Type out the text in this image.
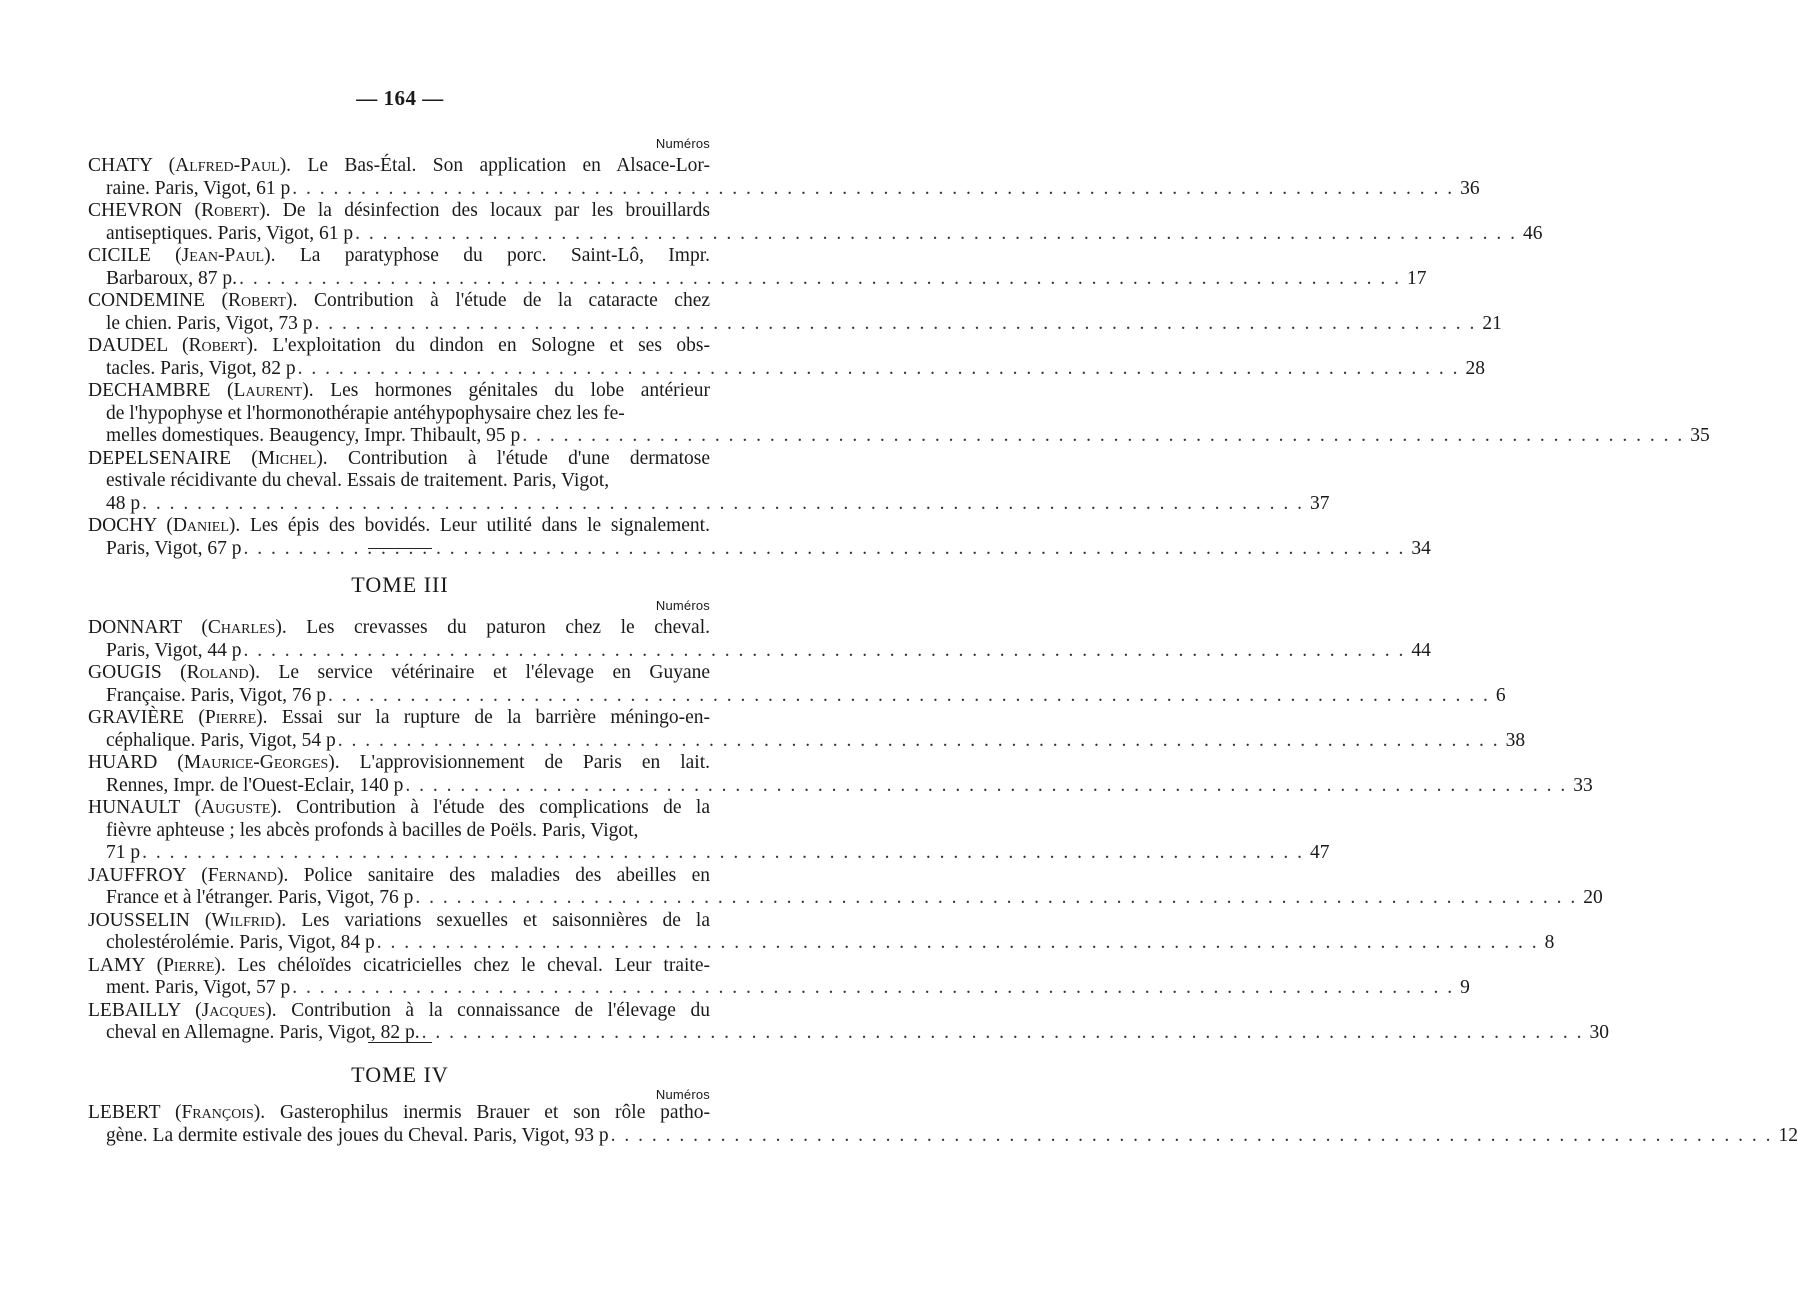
— 164 —
Numéros
CHATY (Alfred-Paul). Le Bas-Étal. Son application en Alsace-Lor-
raine. Paris, Vigot, 61 p . . . . . . . . . . . . . . . . . . . . . . . . . . . . . . . . . . . . . . . . . . . . . . . . . . . . . . . . . . . . . . . . . . . . . . . . . . . . . . . . . . . . . 36
CHEVRON (Robert). De la désinfection des locaux par les brouillards
antiseptiques. Paris, Vigot, 61 p . . . . . . . . . . . . . . . . . . . . . . . . . . . . . . . . . . . . . . . . . . . . . . . . . . . . . . . . . . . . . . . . . . . . . . . . . . . . . . . . . . . . . 46
CICILE (Jean-Paul). La paratyphose du porc. Saint-Lô, Impr.
Barbaroux, 87 p. . . . . . . . . . . . . . . . . . . . . . . . . . . . . . . . . . . . . . . . . . . . . . . . . . . . . . . . . . . . . . . . . . . . . . . . . . . . . . . . . . . . . . 17
CONDEMINE (Robert). Contribution à l'étude de la cataracte chez
le chien. Paris, Vigot, 73 p . . . . . . . . . . . . . . . . . . . . . . . . . . . . . . . . . . . . . . . . . . . . . . . . . . . . . . . . . . . . . . . . . . . . . . . . . . . . . . . . . . . . . 21
DAUDEL (Robert). L'exploitation du dindon en Sologne et ses obs-
tacles. Paris, Vigot, 82 p . . . . . . . . . . . . . . . . . . . . . . . . . . . . . . . . . . . . . . . . . . . . . . . . . . . . . . . . . . . . . . . . . . . . . . . . . . . . . . . . . . . . . 28
DECHAMBRE (Laurent). Les hormones génitales du lobe antérieur
de l'hypophyse et l'hormonothérapie antéhypophysaire chez les fe-
melles domestiques. Beaugency, Impr. Thibault, 95 p . . . . . . . . . . . . . . . . . . . . . . . . . . . . . . . . . . . . . . . . . . . . . . . . . . . . . . . . . . . . . . . . . . . . . . . . . . . . . . . . . . . . . 35
DEPELSENAIRE (Michel). Contribution à l'étude d'une dermatose
estivale récidivante du cheval. Essais de traitement. Paris, Vigot,
48 p . . . . . . . . . . . . . . . . . . . . . . . . . . . . . . . . . . . . . . . . . . . . . . . . . . . . . . . . . . . . . . . . . . . . . . . . . . . . . . . . . . . . . 37
DOCHY (Daniel). Les épis des bovidés. Leur utilité dans le signalement.
Paris, Vigot, 67 p . . . . . . . . . . . . . . . . . . . . . . . . . . . . . . . . . . . . . . . . . . . . . . . . . . . . . . . . . . . . . . . . . . . . . . . . . . . . . . . . . . . . . 34
TOME III
Numéros
DONNART (Charles). Les crevasses du paturon chez le cheval.
Paris, Vigot, 44 p . . . . . . . . . . . . . . . . . . . . . . . . . . . . . . . . . . . . . . . . . . . . . . . . . . . . . . . . . . . . . . . . . . . . . . . . . . . . . . . . . . . . . 44
GOUGIS (Roland). Le service vétérinaire et l'élevage en Guyane
Française. Paris, Vigot, 76 p . . . . . . . . . . . . . . . . . . . . . . . . . . . . . . . . . . . . . . . . . . . . . . . . . . . . . . . . . . . . . . . . . . . . . . . . . . . . . . . . . . . . . 6
GRAVIÈRE (Pierre). Essai sur la rupture de la barrière méningo-en-
céphalique. Paris, Vigot, 54 p . . . . . . . . . . . . . . . . . . . . . . . . . . . . . . . . . . . . . . . . . . . . . . . . . . . . . . . . . . . . . . . . . . . . . . . . . . . . . . . . . . . . . 38
HUARD (Maurice-Georges). L'approvisionnement de Paris en lait.
Rennes, Impr. de l'Ouest-Eclair, 140 p . . . . . . . . . . . . . . . . . . . . . . . . . . . . . . . . . . . . . . . . . . . . . . . . . . . . . . . . . . . . . . . . . . . . . . . . . . . . . . . . . . . . . 33
HUNAULT (Auguste). Contribution à l'étude des complications de la
fièvre aphteuse ; les abcès profonds à bacilles de Poëls. Paris, Vigot,
71 p . . . . . . . . . . . . . . . . . . . . . . . . . . . . . . . . . . . . . . . . . . . . . . . . . . . . . . . . . . . . . . . . . . . . . . . . . . . . . . . . . . . . . 47
JAUFFROY (Fernand). Police sanitaire des maladies des abeilles en
France et à l'étranger. Paris, Vigot, 76 p . . . . . . . . . . . . . . . . . . . . . . . . . . . . . . . . . . . . . . . . . . . . . . . . . . . . . . . . . . . . . . . . . . . . . . . . . . . . . . . . . . . . . 20
JOUSSELIN (Wilfrid). Les variations sexuelles et saisonnières de la
cholestérolémie. Paris, Vigot, 84 p . . . . . . . . . . . . . . . . . . . . . . . . . . . . . . . . . . . . . . . . . . . . . . . . . . . . . . . . . . . . . . . . . . . . . . . . . . . . . . . . . . . . . 8
LAMY (Pierre). Les chéloïdes cicatricielles chez le cheval. Leur traite-
ment. Paris, Vigot, 57 p . . . . . . . . . . . . . . . . . . . . . . . . . . . . . . . . . . . . . . . . . . . . . . . . . . . . . . . . . . . . . . . . . . . . . . . . . . . . . . . . . . . . . 9
LEBAILLY (Jacques). Contribution à la connaissance de l'élevage du
cheval en Allemagne. Paris, Vigot, 82 p. . . . . . . . . . . . . . . . . . . . . . . . . . . . . . . . . . . . . . . . . . . . . . . . . . . . . . . . . . . . . . . . . . . . . . . . . . . . . . . . . . . . . . 30
TOME IV
Numéros
LEBERT (François). Gasterophilus inermis Brauer et son rôle patho-
gène. La dermite estivale des joues du Cheval. Paris, Vigot, 93 p . . . . . . . . . . . . . . . . . . . . . . . . . . . . . . . . . . . . . . . . . . . . . . . . . . . . . . . . . . . . . . . . . . . . . . . . . . . . . . . . . . . . . 12
